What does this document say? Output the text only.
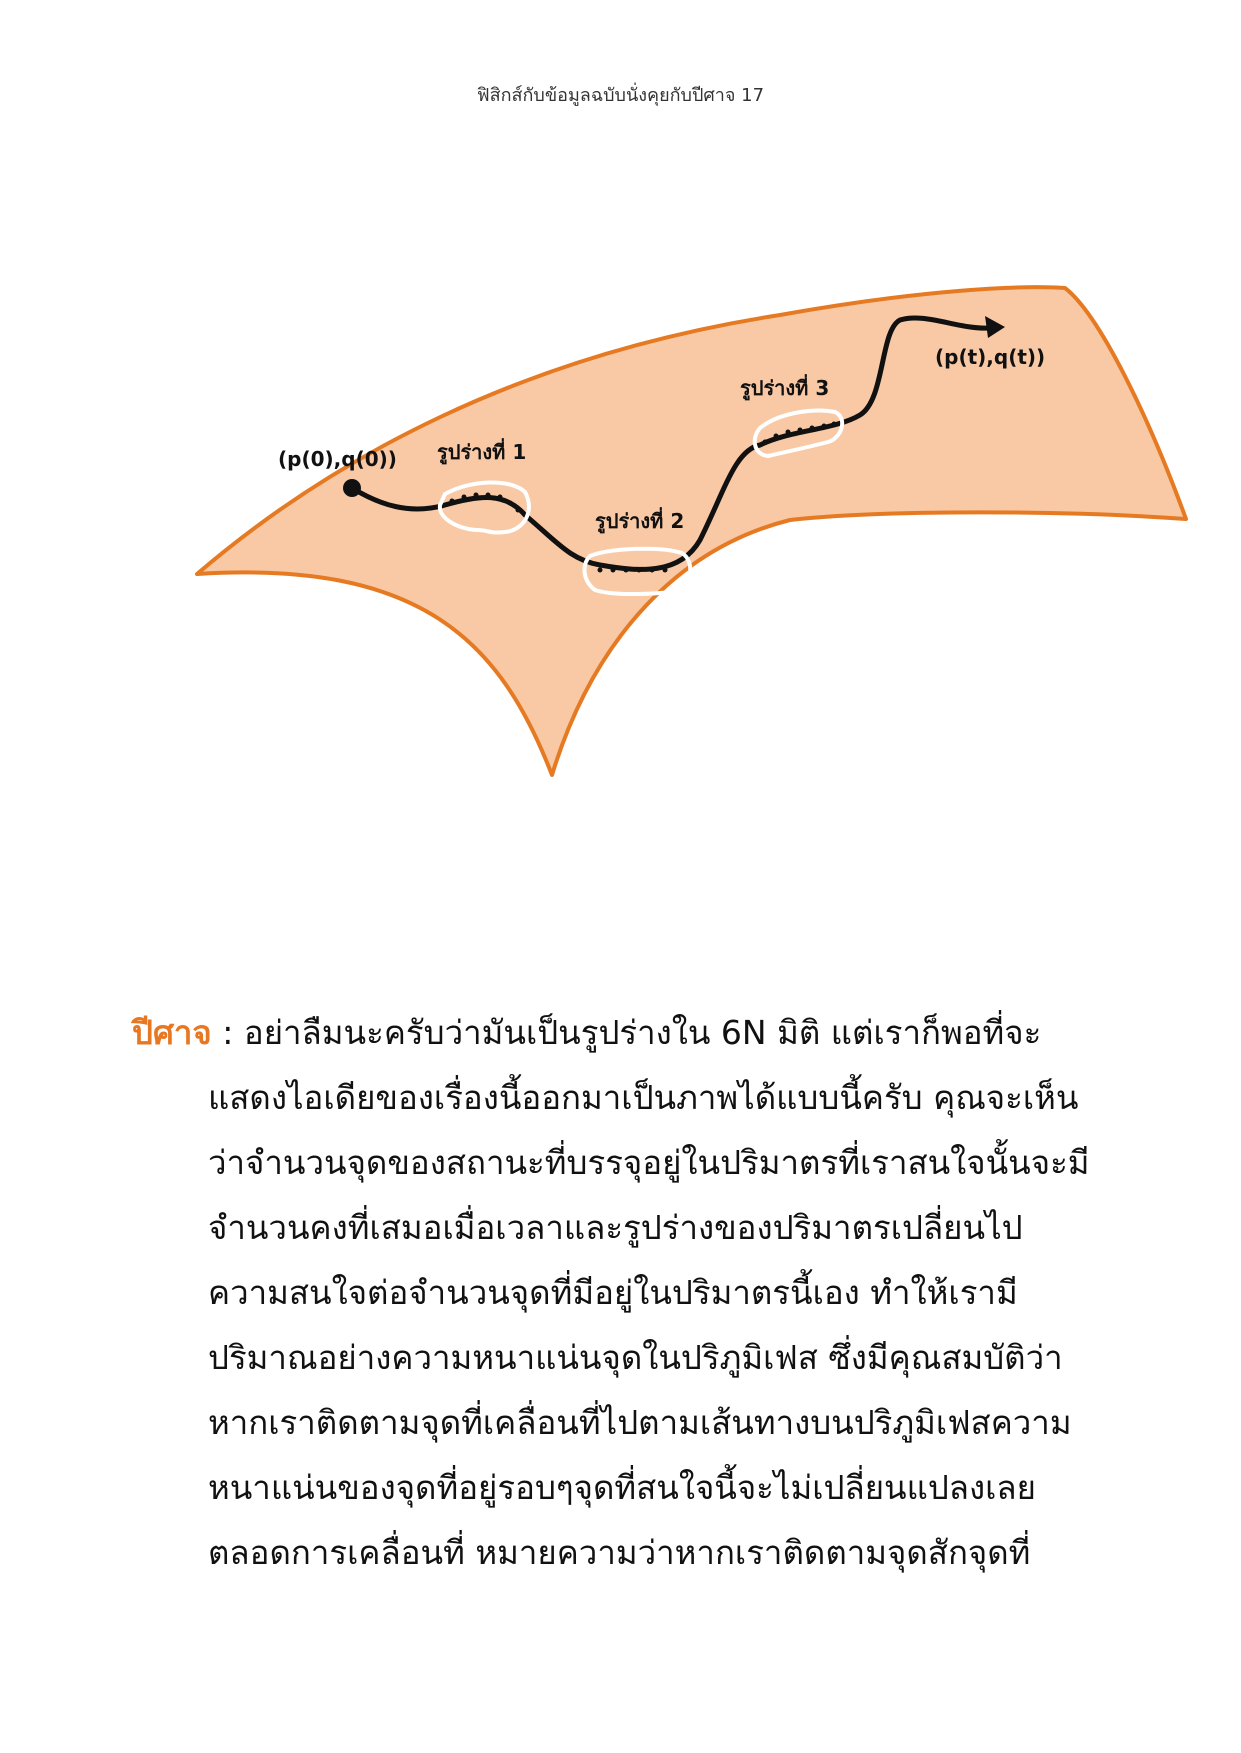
ฟิสิกส์กับข้อมูลฉบับนั่งคุยกับปีศาจ 17
(p(0),q(0))
(p(t),q(t))
รูปร่างที่ 1
รูปร่างที่ 2
รูปร่างที่ 3
ปีศาจ : อย่าลืมนะครับว่ามันเป็นรูปร่างใน 6N มิติ แต่เราก็พอที่จะ
แสดงไอเดียของเรื่องนี้ออกมาเป็นภาพได้แบบนี้ครับ คุณจะเห็น
ว่าจำนวนจุดของสถานะที่บรรจุอยู่ในปริมาตรที่เราสนใจนั้นจะมี
จำนวนคงที่เสมอเมื่อเวลาและรูปร่างของปริมาตรเปลี่ยนไป
ความสนใจต่อจำนวนจุดที่มีอยู่ในปริมาตรนี้เอง ทำให้เรามี
ปริมาณอย่างความหนาแน่นจุดในปริภูมิเฟส ซึ่งมีคุณสมบัติว่า
หากเราติดตามจุดที่เคลื่อนที่ไปตามเส้นทางบนปริภูมิเฟสความ
หนาแน่นของจุดที่อยู่รอบๆจุดที่สนใจนี้จะไม่เปลี่ยนแปลงเลย
ตลอดการเคลื่อนที่ หมายความว่าหากเราติดตามจุดสักจุดที่
